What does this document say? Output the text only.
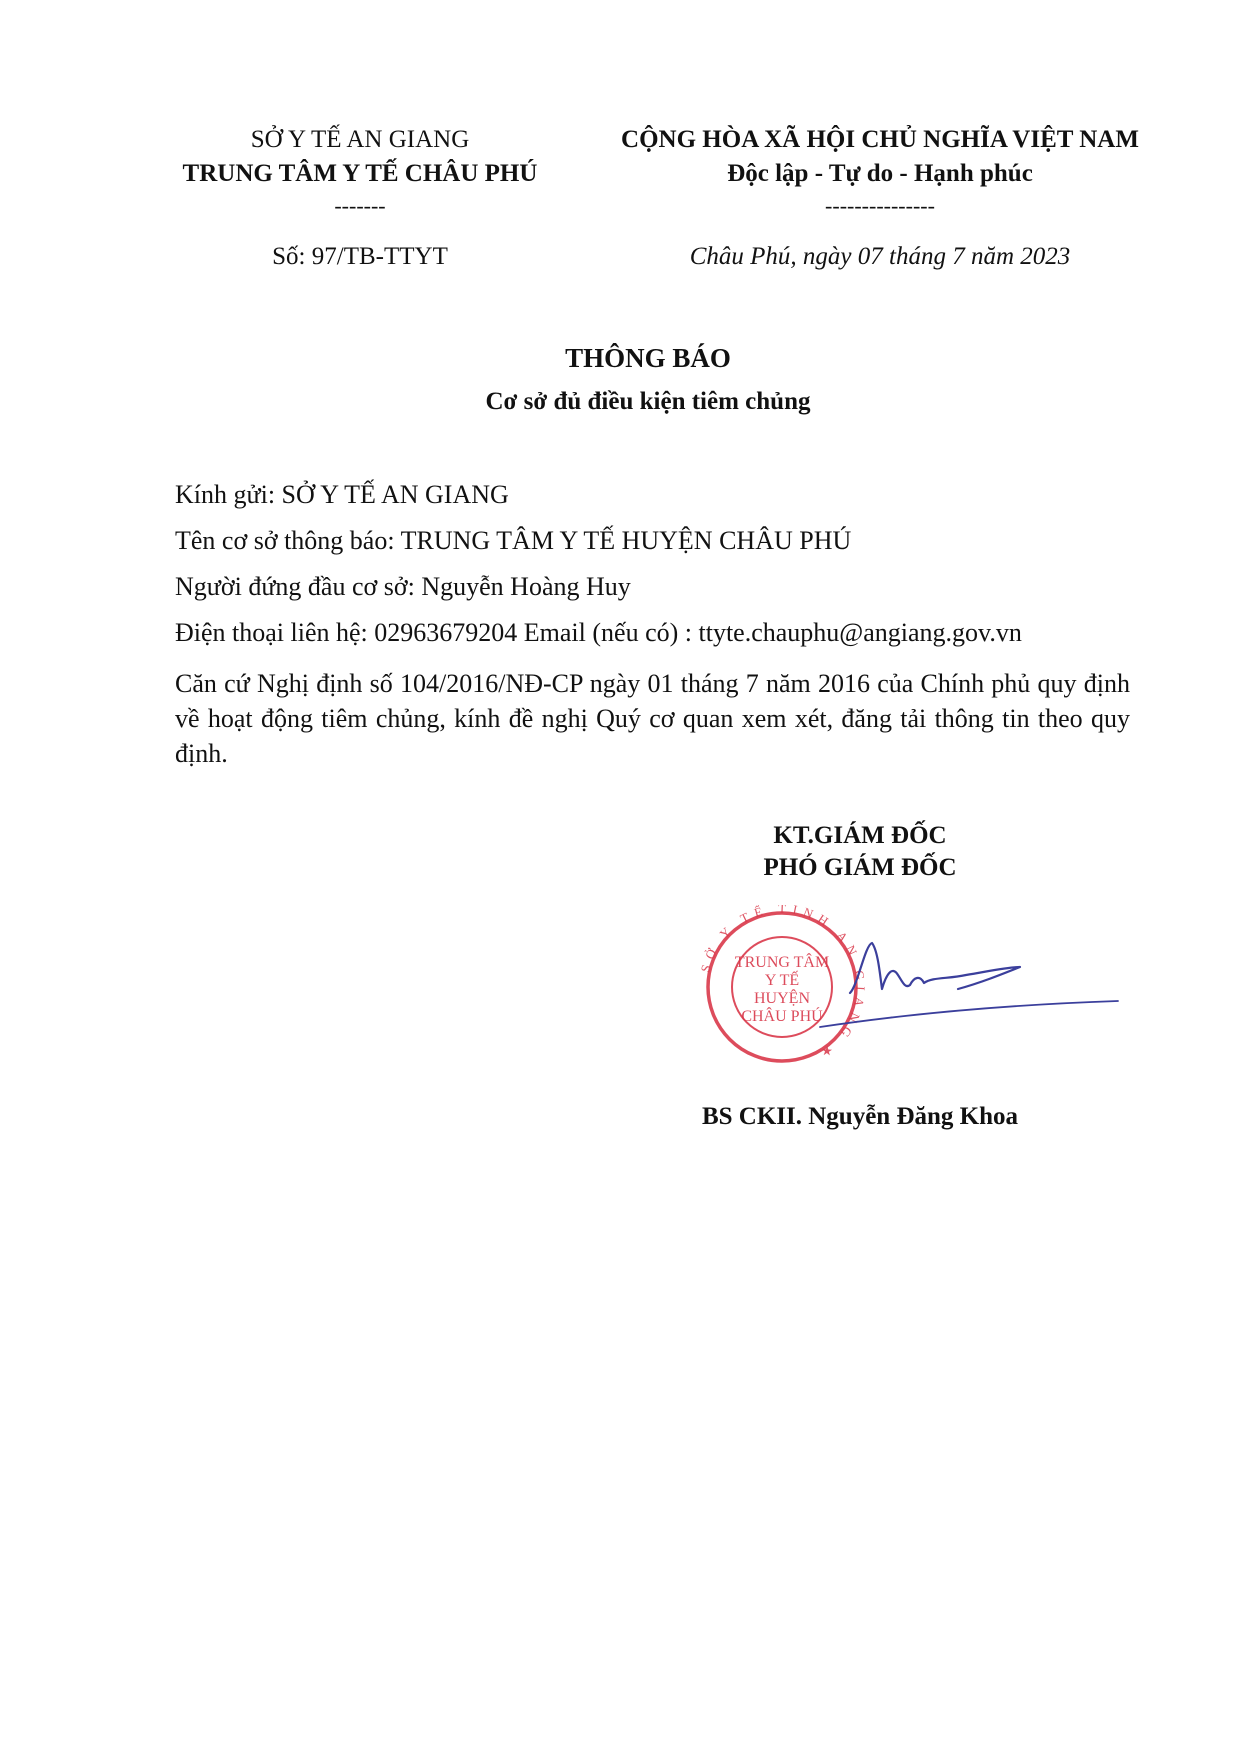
SỞ Y TẾ AN GIANG
TRUNG TÂM Y TẾ CHÂU PHÚ
-------
CỘNG HÒA XÃ HỘI CHỦ NGHĨA VIỆT NAM
Độc lập - Tự do - Hạnh phúc
---------------
Số: 97/TB-TTYT	Châu Phú, ngày 07 tháng 7 năm 2023
THÔNG BÁO
Cơ sở đủ điều kiện tiêm chủng
Kính gửi: SỞ Y TẾ AN GIANG
Tên cơ sở thông báo: TRUNG TÂM Y TẾ HUYỆN CHÂU PHÚ
Người đứng đầu cơ sở: Nguyễn Hoàng Huy
Điện thoại liên hệ: 02963679204 Email (nếu có) : ttyte.chauphu@angiang.gov.vn
Căn cứ Nghị định số 104/2016/NĐ-CP ngày 01 tháng 7 năm 2016 của Chính phủ quy định về hoạt động tiêm chủng, kính đề nghị Quý cơ quan xem xét, đăng tải thông tin theo quy định.
KT.GIÁM ĐỐC
PHÓ GIÁM ĐỐC
Ở Y TẾ TỈNH AN GIANG ★
TRUNG TÂM
Y TẾ
HUYỆN
CHÂU PHÚ
BS CKII. Nguyễn Đăng Khoa
